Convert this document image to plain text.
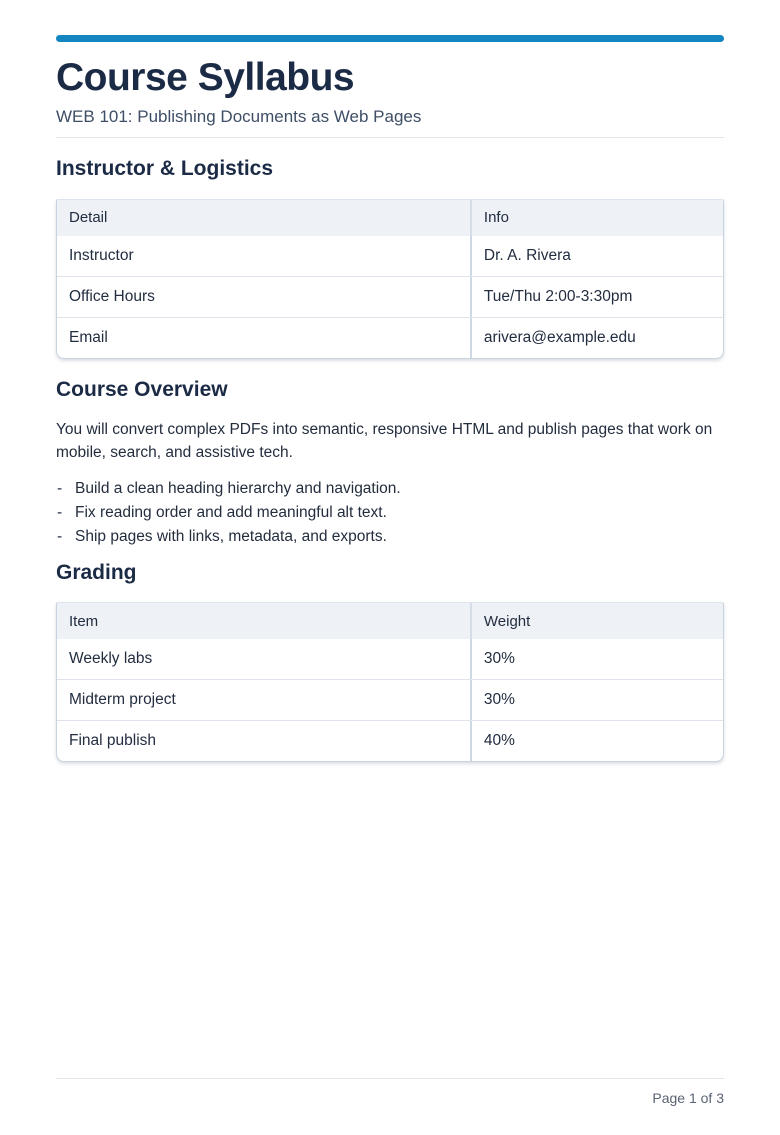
Course Syllabus
WEB 101: Publishing Documents as Web Pages
Instructor & Logistics
Detail	Info
Instructor	Dr. A. Rivera
Office Hours	Tue/Thu 2:00-3:30pm
Email	arivera@example.edu
Course Overview

You will convert complex PDFs into semantic, responsive HTML and publish pages that work on mobile, search, and assistive tech.

- Build a clean heading hierarchy and navigation.
- Fix reading order and add meaningful alt text.
- Ship pages with links, metadata, and exports.
Grading
Item	Weight
Weekly labs	30%
Midterm project	30%
Final publish	40%
Page 1 of 3
